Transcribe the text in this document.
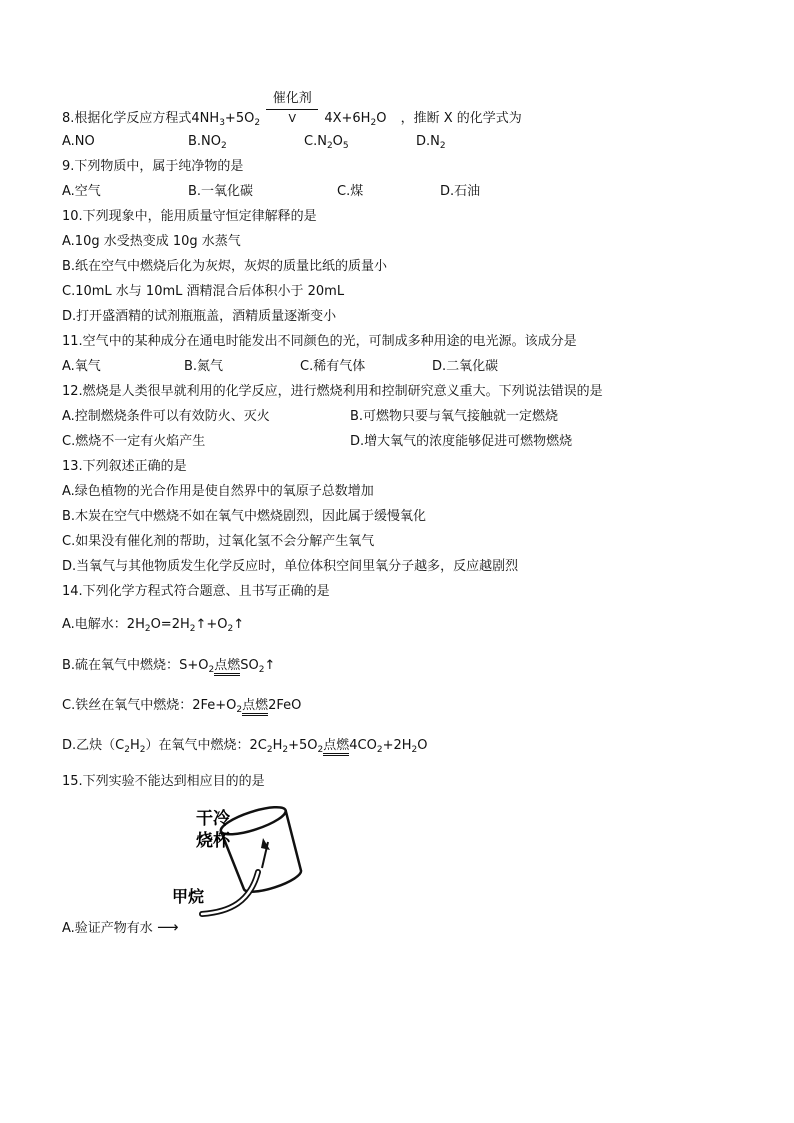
8.根据化学反应方程式$4NH_3+5O_2$
催化剂
V	$4X+6H_2O$ ，推断 X 的化学式为
A.NO	$B.NO_2$	$C.N_2O_5$	$D.N_2$
9.下列物质中，属于纯净物的是
A.空气	B.一氧化碳	C.煤	D.石油
10.下列现象中，能用质量守恒定律解释的是
A.10g 水受热变成 10g 水蒸气
B.纸在空气中燃烧后化为灰烬，灰烬的质量比纸的质量小
C.10mL 水与 10mL 酒精混合后体积小于 20mL
D.打开盛酒精的试剂瓶瓶盖，酒精质量逐渐变小
11.空气中的某种成分在通电时能发出不同颜色的光，可制成多种用途的电光源。该成分是
A.氧气	B.氮气	C.稀有气体	D.二氧化碳
12.燃烧是人类很早就利用的化学反应，进行燃烧利用和控制研究意义重大。下列说法错误的是
A.控制燃烧条件可以有效防火、灭火	B.可燃物只要与氧气接触就一定燃烧
C.燃烧不一定有火焰产生	D.增大氧气的浓度能够促进可燃物燃烧
13.下列叙述正确的是
A.绿色植物的光合作用是使自然界中的氧原子总数增加
B.木炭在空气中燃烧不如在氧气中燃烧剧烈，因此属于缓慢氧化
C.如果没有催化剂的帮助，过氧化氢不会分解产生氧气
D.当氧气与其他物质发生化学反应时，单位体积空间里氧分子越多，反应越剧烈
14.下列化学方程式符合题意、且书写正确的是
A.电解水：$2H_2O=2H_2↑+O_2↑$
B.硫在氧气中燃烧：$S+O_2$点燃$SO_2↑$
C.铁丝在氧气中燃烧：$2Fe+O_2$点燃2FeO
D.乙炔$(C_2H_2)$在氧气中燃烧：$2C_2H_2+5O_2$点燃$4CO_2+2H_2O$
15.下列实验不能达到相应目的的是
干冷
烧杯
甲烷
A.验证产物有水 ⟶
